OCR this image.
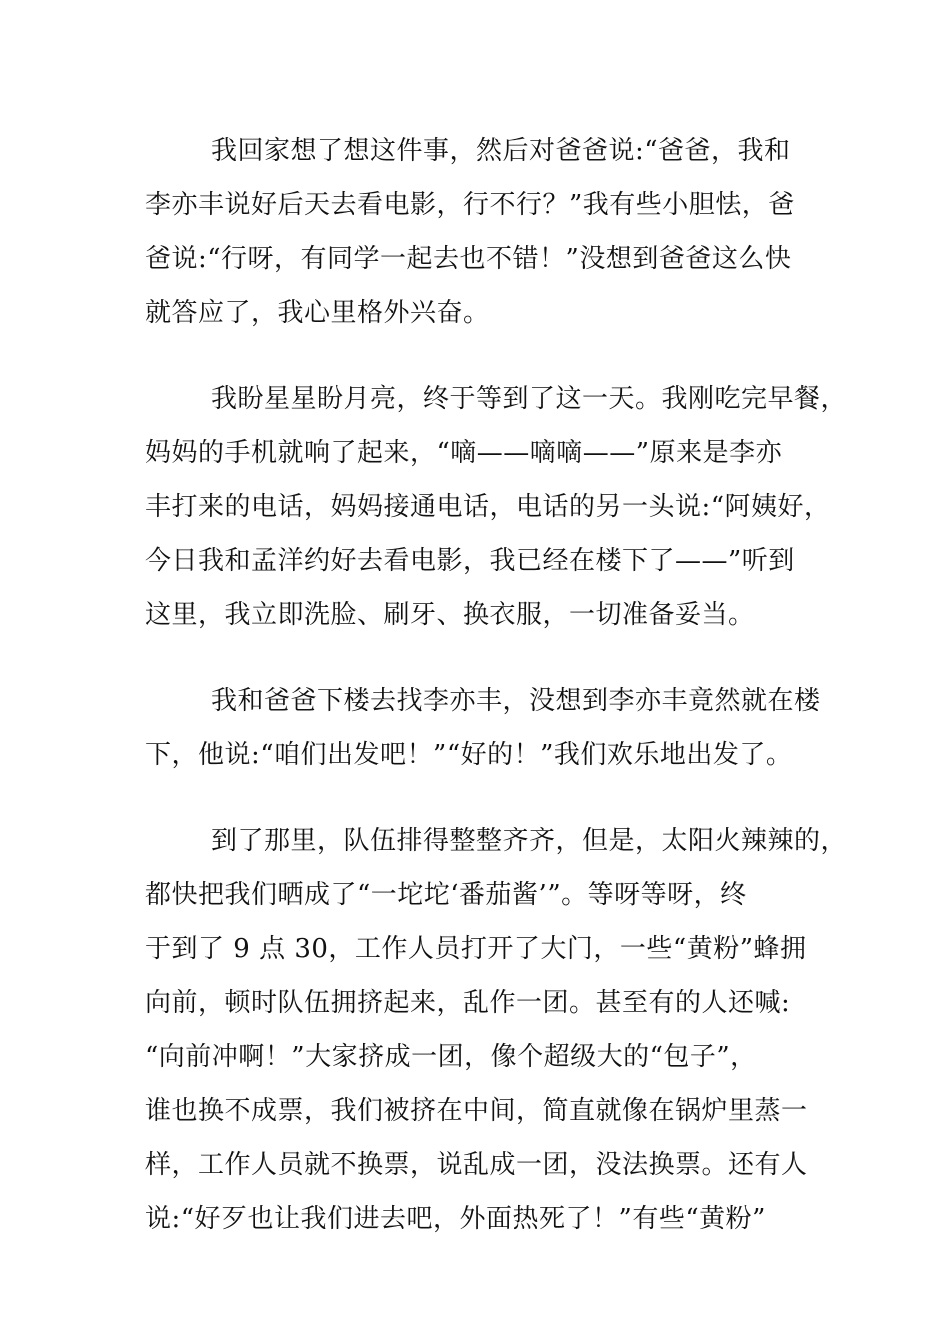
我回家想了想这件事，然后对爸爸说:“爸爸，我和
李亦丰说好后天去看电影，行不行？”我有些小胆怯，爸
爸说:“行呀，有同学一起去也不错！”没想到爸爸这么快
就答应了，我心里格外兴奋。
我盼星星盼月亮，终于等到了这一天。我刚吃完早餐，
妈妈的手机就响了起来，“嘀——嘀嘀——”原来是李亦
丰打来的电话，妈妈接通电话，电话的另一头说:“阿姨好，
今日我和孟洋约好去看电影，我已经在楼下了——”听到
这里，我立即洗脸、刷牙、换衣服，一切准备妥当。
我和爸爸下楼去找李亦丰，没想到李亦丰竟然就在楼
下，他说:“咱们出发吧！”“好的！”我们欢乐地出发了。
到了那里，队伍排得整整齐齐，但是，太阳火辣辣的，
都快把我们晒成了“一坨坨‘番茄酱’”。等呀等呀，终
于到了 9 点 30，工作人员打开了大门，一些“黄粉”蜂拥
向前，顿时队伍拥挤起来，乱作一团。甚至有的人还喊:
“向前冲啊！”大家挤成一团，像个超级大的“包子”，
谁也换不成票，我们被挤在中间，简直就像在锅炉里蒸一
样，工作人员就不换票，说乱成一团，没法换票。还有人
说:“好歹也让我们进去吧，外面热死了！”有些“黄粉”
